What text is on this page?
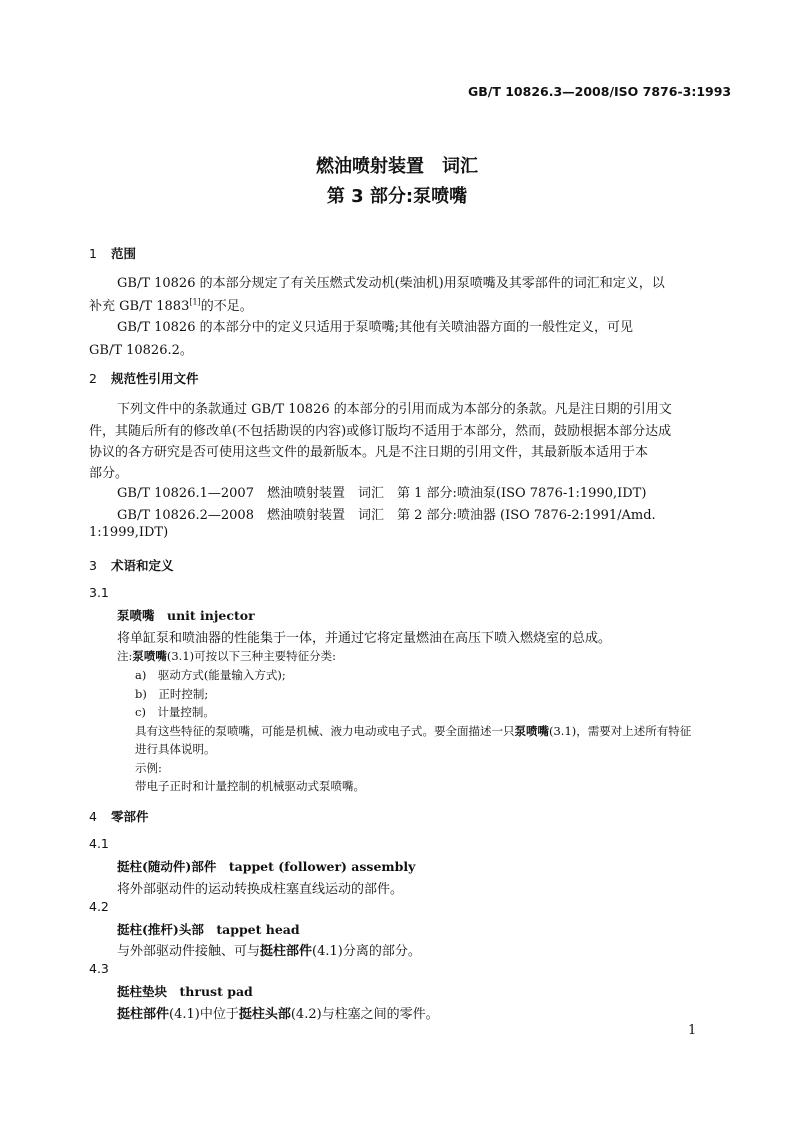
GB/T 10826.3—2008/ISO 7876-3:1993
燃油喷射装置　词汇
第 3 部分:泵喷嘴
1 范围
GB/T 10826 的本部分规定了有关压燃式发动机(柴油机)用泵喷嘴及其零部件的词汇和定义，以
补充 GB/T 1883[1]的不足。
GB/T 10826 的本部分中的定义只适用于泵喷嘴;其他有关喷油器方面的一般性定义，可见
GB/T 10826.2。
2 规范性引用文件
下列文件中的条款通过 GB/T 10826 的本部分的引用而成为本部分的条款。凡是注日期的引用文
件，其随后所有的修改单(不包括勘误的内容)或修订版均不适用于本部分，然而，鼓励根据本部分达成
协议的各方研究是否可使用这些文件的最新版本。凡是不注日期的引用文件，其最新版本适用于本
部分。
GB/T 10826.1—2007　燃油喷射装置　词汇　第 1 部分:喷油泵(ISO 7876-1:1990,IDT)
GB/T 10826.2—2008　燃油喷射装置　词汇　第 2 部分:喷油器 (ISO 7876-2:1991/Amd.
1:1999,IDT)
3 术语和定义
3.1
泵喷嘴　unit injector
将单缸泵和喷油器的性能集于一体，并通过它将定量燃油在高压下喷入燃烧室的总成。
注:泵喷嘴(3.1)可按以下三种主要特征分类:
a)　驱动方式(能量输入方式);
b)　正时控制;
c)　计量控制。
具有这些特征的泵喷嘴，可能是机械、液力电动或电子式。要全面描述一只泵喷嘴(3.1)，需要对上述所有特征
进行具体说明。
示例:
带电子正时和计量控制的机械驱动式泵喷嘴。
4 零部件
4.1
挺柱(随动件)部件　tappet (follower) assembly
将外部驱动件的运动转换成柱塞直线运动的部件。
4.2
挺柱(推杆)头部　tappet head
与外部驱动件接触、可与挺柱部件(4.1)分离的部分。
4.3
挺柱垫块　thrust pad
挺柱部件(4.1)中位于挺柱头部(4.2)与柱塞之间的零件。
1
